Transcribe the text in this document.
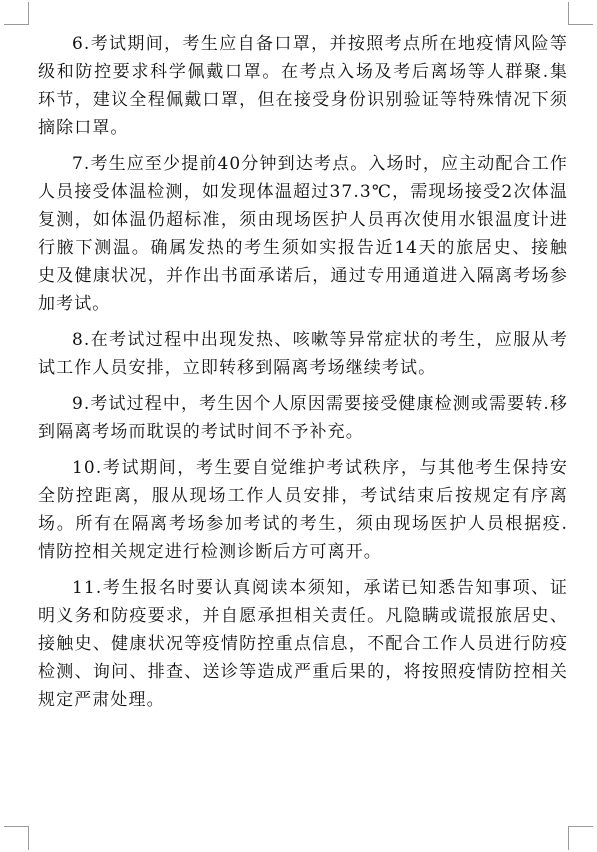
6.考试期间，考生应自备口罩，并按照考点所在地疫情风险等级和防控要求科学佩戴口罩。在考点入场及考后离场等人群聚.集环节，建议全程佩戴口罩，但在接受身份识别验证等特殊情况下须摘除口罩。

7.考生应至少提前40分钟到达考点。入场时，应主动配合工作人员接受体温检测，如发现体温超过37.3℃，需现场接受2次体温复测，如体温仍超标准，须由现场医护人员再次使用水银温度计进行腋下测温。确属发热的考生须如实报告近14天的旅居史、接触史及健康状况，并作出书面承诺后，通过专用通道进入隔离考场参加考试。

8.在考试过程中出现发热、咳嗽等异常症状的考生，应服从考试工作人员安排，立即转移到隔离考场继续考试。

9.考试过程中，考生因个人原因需要接受健康检测或需要转.移到隔离考场而耽误的考试时间不予补充。

10.考试期间，考生要自觉维护考试秩序，与其他考生保持安全防控距离，服从现场工作人员安排，考试结束后按规定有序离场。所有在隔离考场参加考试的考生，须由现场医护人员根据疫.情防控相关规定进行检测诊断后方可离开。

11.考生报名时要认真阅读本须知，承诺已知悉告知事项、证明义务和防疫要求，并自愿承担相关责任。凡隐瞒或谎报旅居史、接触史、健康状况等疫情防控重点信息，不配合工作人员进行防疫检测、询问、排查、送诊等造成严重后果的，将按照疫情防控相关规定严肃处理。
